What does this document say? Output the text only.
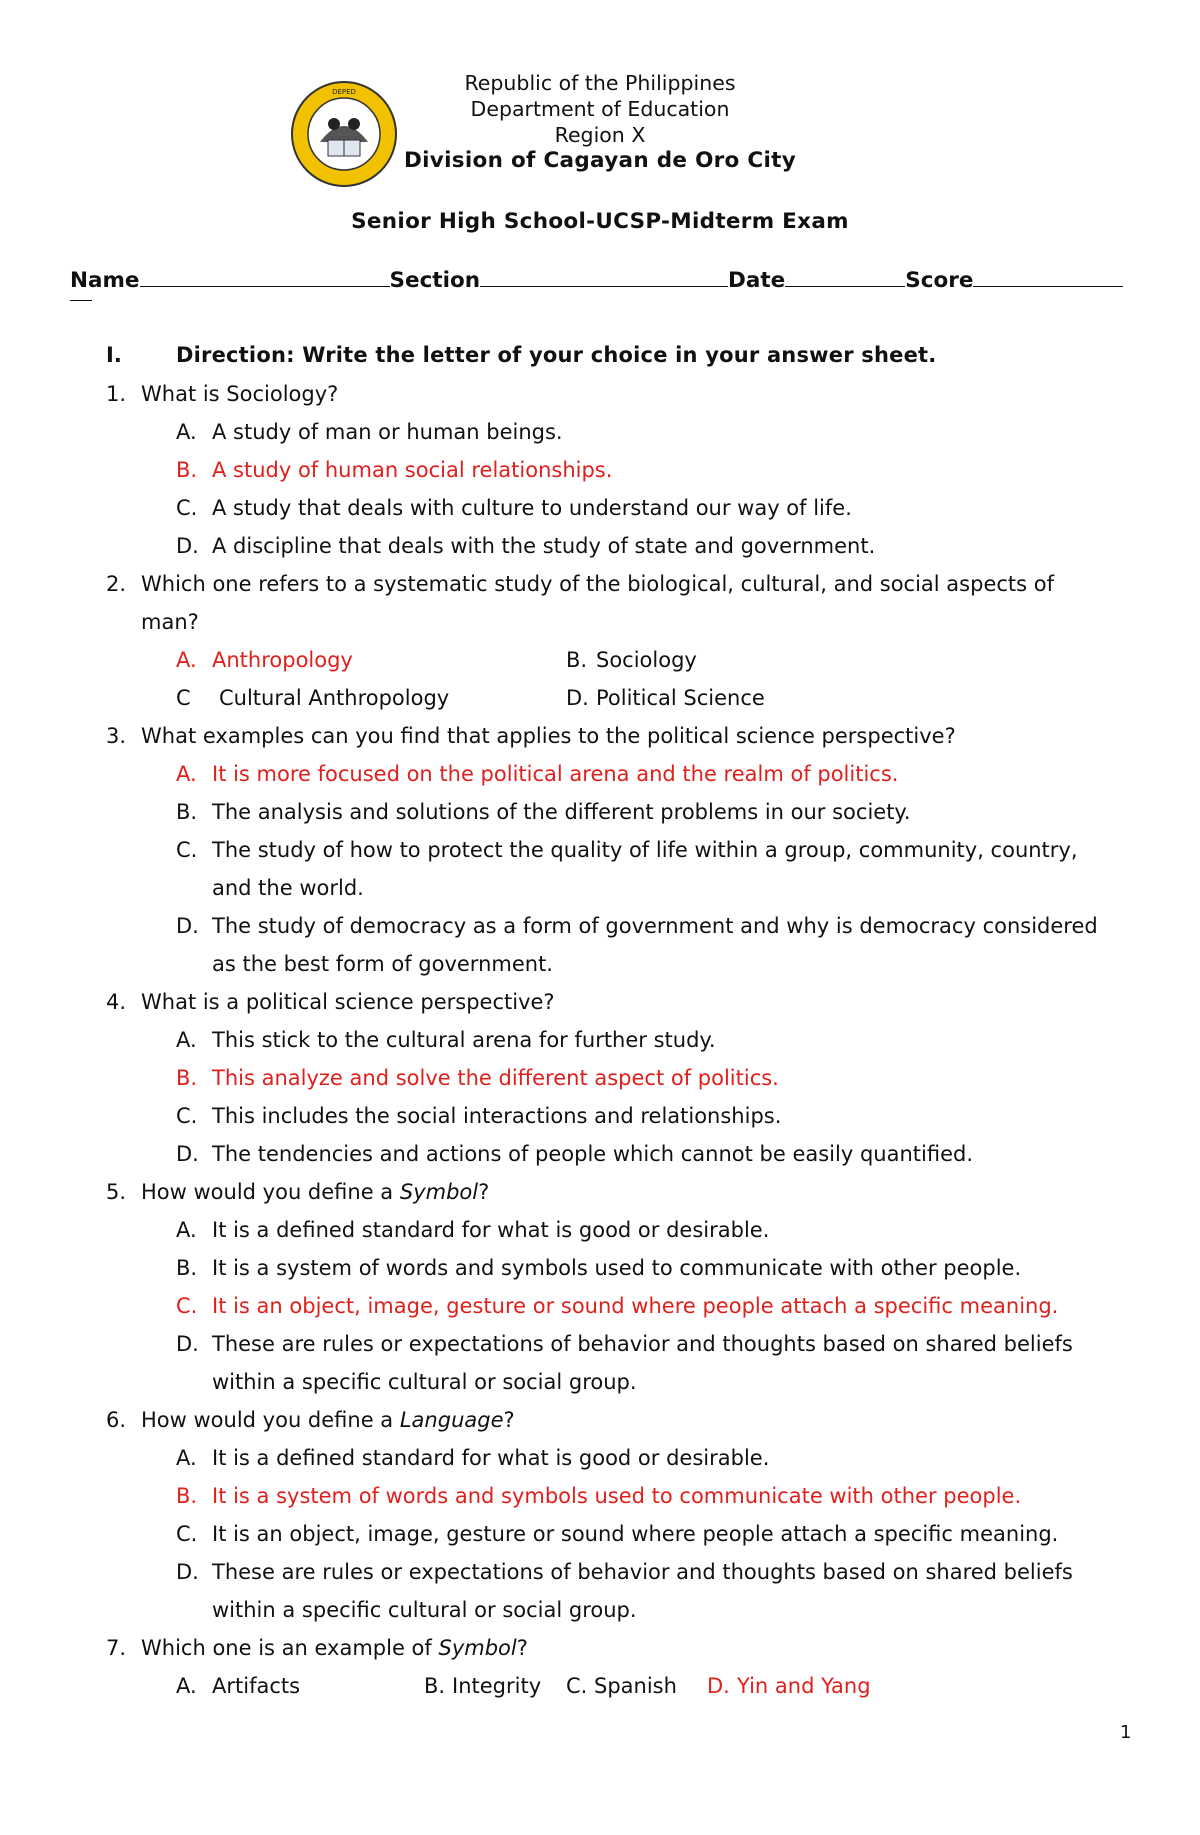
DEPED	Republic of the Philippines
Department of Education
Region X
Division of Cagayan de Oro City
Senior High School-UCSP-Midterm Exam
Name	Section	Date	Score
I.	Direction: Write the letter of your choice in your answer sheet.
1. What is Sociology?
A. A study of man or human beings.
B. A study of human social relationships.
C. A study that deals with culture to understand our way of life.
D. A discipline that deals with the study of state and government.
2. Which one refers to a systematic study of the biological, cultural, and social aspects of
man?
A. Anthropology	B. Sociology
C Cultural Anthropology	D. Political Science
3. What examples can you find that applies to the political science perspective?
A. It is more focused on the political arena and the realm of politics.
B. The analysis and solutions of the different problems in our society.
C. The study of how to protect the quality of life within a group, community, country,
and the world.
D. The study of democracy as a form of government and why is democracy considered
as the best form of government.
4. What is a political science perspective?
A. This stick to the cultural arena for further study.
B. This analyze and solve the different aspect of politics.
C. This includes the social interactions and relationships.
D. The tendencies and actions of people which cannot be easily quantified.
5. How would you define a Symbol?
A. It is a defined standard for what is good or desirable.
B. It is a system of words and symbols used to communicate with other people.
C. It is an object, image, gesture or sound where people attach a specific meaning.
D. These are rules or expectations of behavior and thoughts based on shared beliefs
within a specific cultural or social group.
6. How would you define a Language?
A. It is a defined standard for what is good or desirable.
B. It is a system of words and symbols used to communicate with other people.
C. It is an object, image, gesture or sound where people attach a specific meaning.
D. These are rules or expectations of behavior and thoughts based on shared beliefs
within a specific cultural or social group.
7. Which one is an example of Symbol?
A. Artifacts	B. Integrity C. Spanish D. Yin and Yang
1
